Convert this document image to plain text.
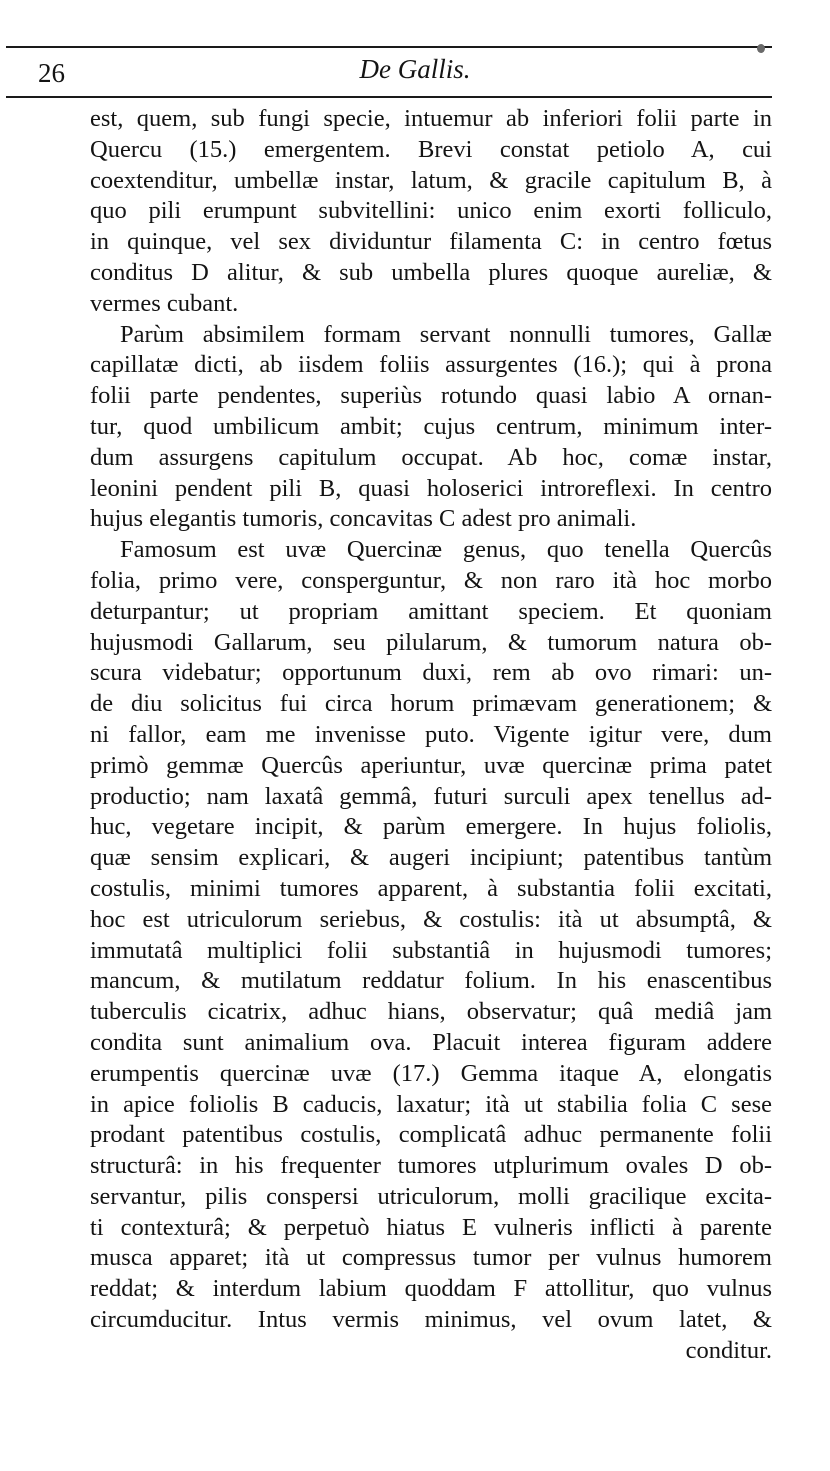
26	De Gallis.
est, quem, sub fungi specie, intuemur ab inferiori folii parte in
Quercu (15.) emergentem. Brevi constat petiolo A, cui
coextenditur, umbellæ instar, latum, & gracile capitulum B, à
quo pili erumpunt subvitellini: unico enim exorti folliculo,
in quinque, vel sex dividuntur filamenta C: in centro fœtus
conditus D alitur, & sub umbella plures quoque aureliæ, &
vermes cubant.
Parùm absimilem formam servant nonnulli tumores, Gallæ
capillatæ dicti, ab iisdem foliis assurgentes (16.); qui à prona
folii parte pendentes, superiùs rotundo quasi labio A ornan-
tur, quod umbilicum ambit; cujus centrum, minimum inter-
dum assurgens capitulum occupat. Ab hoc, comæ instar,
leonini pendent pili B, quasi holoserici introreflexi. In centro
hujus elegantis tumoris, concavitas C adest pro animali.
Famosum est uvæ Quercinæ genus, quo tenella Quercûs
folia, primo vere, consperguntur, & non raro ità hoc morbo
deturpantur; ut propriam amittant speciem. Et quoniam
hujusmodi Gallarum, seu pilularum, & tumorum natura ob-
scura videbatur; opportunum duxi, rem ab ovo rimari: un-
de diu solicitus fui circa horum primævam generationem; &
ni fallor, eam me invenisse puto. Vigente igitur vere, dum
primò gemmæ Quercûs aperiuntur, uvæ quercinæ prima patet
productio; nam laxatâ gemmâ, futuri surculi apex tenellus ad-
huc, vegetare incipit, & parùm emergere. In hujus foliolis,
quæ sensim explicari, & augeri incipiunt; patentibus tantùm
costulis, minimi tumores apparent, à substantia folii excitati,
hoc est utriculorum seriebus, & costulis: ità ut absumptâ, &
immutatâ multiplici folii substantiâ in hujusmodi tumores;
mancum, & mutilatum reddatur folium. In his enascentibus
tuberculis cicatrix, adhuc hians, observatur; quâ mediâ jam
condita sunt animalium ova. Placuit interea figuram addere
erumpentis quercinæ uvæ (17.) Gemma itaque A, elongatis
in apice foliolis B caducis, laxatur; ità ut stabilia folia C sese
prodant patentibus costulis, complicatâ adhuc permanente folii
structurâ: in his frequenter tumores utplurimum ovales D ob-
servantur, pilis conspersi utriculorum, molli gracilique excita-
ti contexturâ; & perpetuò hiatus E vulneris inflicti à parente
musca apparet; ità ut compressus tumor per vulnus humorem
reddat; & interdum labium quoddam F attollitur, quo vulnus
circumducitur. Intus vermis minimus, vel ovum latet, &
conditur.
